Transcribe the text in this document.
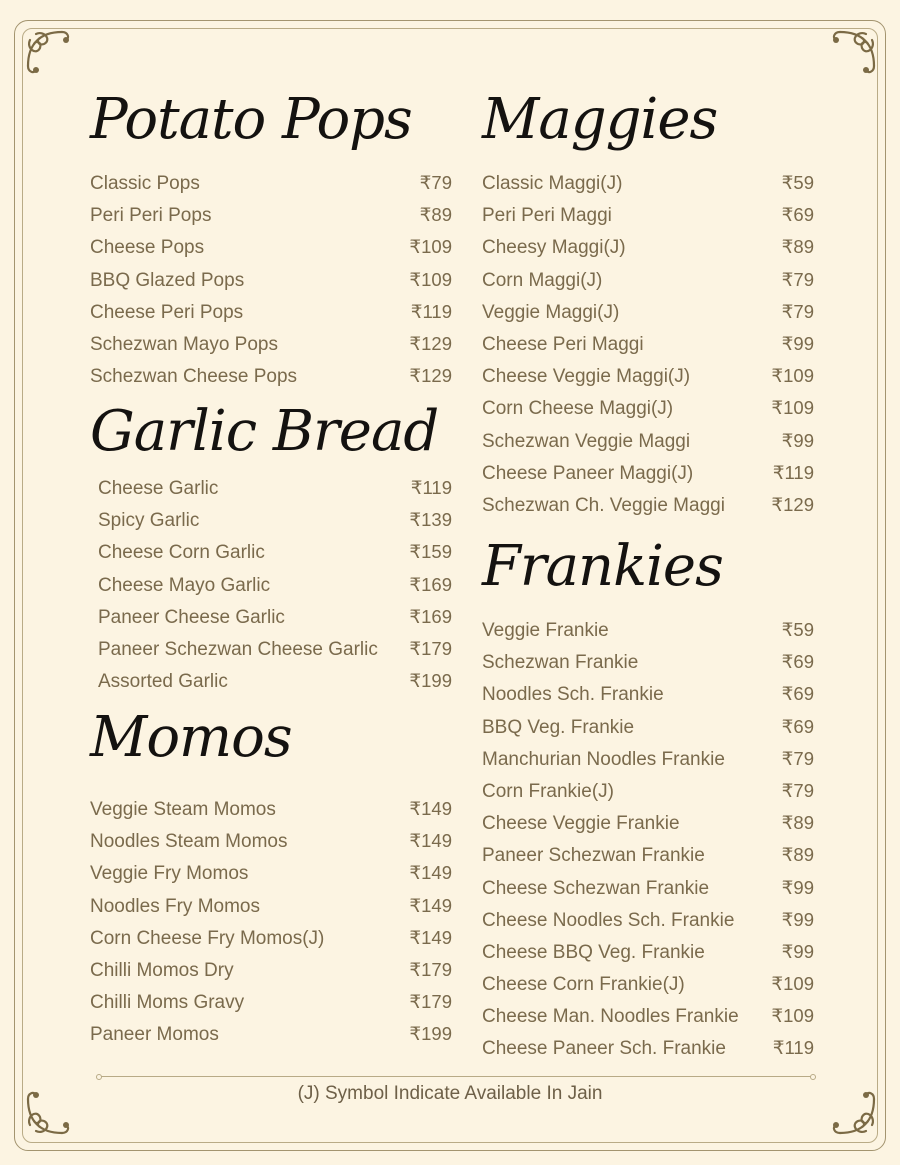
Potato Pops
Classic Pops	₹79
Peri Peri Pops	₹89
Cheese Pops	₹109
BBQ Glazed Pops	₹109
Cheese Peri Pops	₹119
Schezwan Mayo Pops	₹129
Schezwan Cheese Pops	₹129
Garlic Bread
Cheese Garlic	₹119
Spicy Garlic	₹139
Cheese Corn Garlic	₹159
Cheese Mayo Garlic	₹169
Paneer Cheese Garlic	₹169
Paneer Schezwan Cheese Garlic ₹179
Assorted Garlic	₹199
Momos
Veggie Steam Momos	₹149
Noodles Steam Momos	₹149
Veggie Fry Momos	₹149
Noodles Fry Momos	₹149
Corn Cheese Fry Momos(J)	₹149
Chilli Momos Dry	₹179
Chilli Moms Gravy	₹179
Paneer Momos	₹199
Maggies
Classic Maggi(J)	₹59
Peri Peri Maggi	₹69
Cheesy Maggi(J)	₹89
Corn Maggi(J)	₹79
Veggie Maggi(J)	₹79
Cheese Peri Maggi	₹99
Cheese Veggie Maggi(J)	₹109
Corn Cheese Maggi(J)	₹109
Schezwan Veggie Maggi	₹99
Cheese Paneer Maggi(J)	₹119
Schezwan Ch. Veggie Maggi	₹129
Frankies
Veggie Frankie	₹59
Schezwan Frankie	₹69
Noodles Sch. Frankie	₹69
BBQ Veg. Frankie	₹69
Manchurian Noodles Frankie	₹79
Corn Frankie(J)	₹79
Cheese Veggie Frankie	₹89
Paneer Schezwan Frankie	₹89
Cheese Schezwan Frankie	₹99
Cheese Noodles Sch. Frankie	₹99
Cheese BBQ Veg. Frankie	₹99
Cheese Corn Frankie(J)	₹109
Cheese Man. Noodles Frankie ₹109
Cheese Paneer Sch. Frankie	₹119
(J) Symbol Indicate Available In Jain
